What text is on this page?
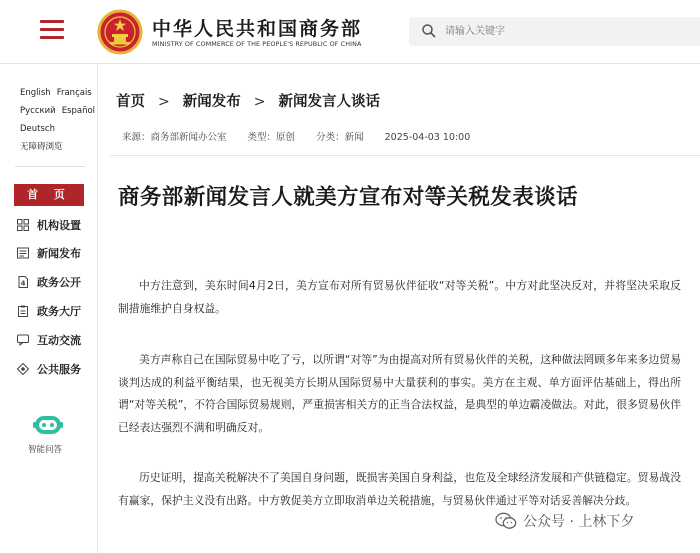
中华人民共和国商务部
MINISTRY OF COMMERCE OF THE PEOPLE'S REPUBLIC OF CHINA
请输入关键字
English Français
Русский Español
Deutsch
无障碍浏览
首 页
机构设置
新闻发布
4 政务公开
政务大厅
互动交流
公共服务
智能问答
首页 > 新闻发布 > 新闻发言人谈话
来源：商务部新闻办公室 类型：原创 分类：新闻 2025-04-03 10:00
商务部新闻发言人就美方宣布对等关税发表谈话

中方注意到，美东时间4月2日，美方宣布对所有贸易伙伴征收“对等关税”。中方对此坚决反对，并将坚决采取反制措施维护自身权益。

美方声称自己在国际贸易中吃了亏，以所谓“对等”为由提高对所有贸易伙伴的关税，这种做法罔顾多年来多边贸易谈判达成的利益平衡结果，也无视美方长期从国际贸易中大量获利的事实。美方在主观、单方面评估基础上，得出所谓“对等关税”，不符合国际贸易规则，严重损害相关方的正当合法权益，是典型的单边霸凌做法。对此，很多贸易伙伴已经表达强烈不满和明确反对。

历史证明，提高关税解决不了美国自身问题，既损害美国自身利益，也危及全球经济发展和产供链稳定。贸易战没有赢家，保护主义没有出路。中方敦促美方立即取消单边关税措施，与贸易伙伴通过平等对话妥善解决分歧。

公众号 · 上林下夕
